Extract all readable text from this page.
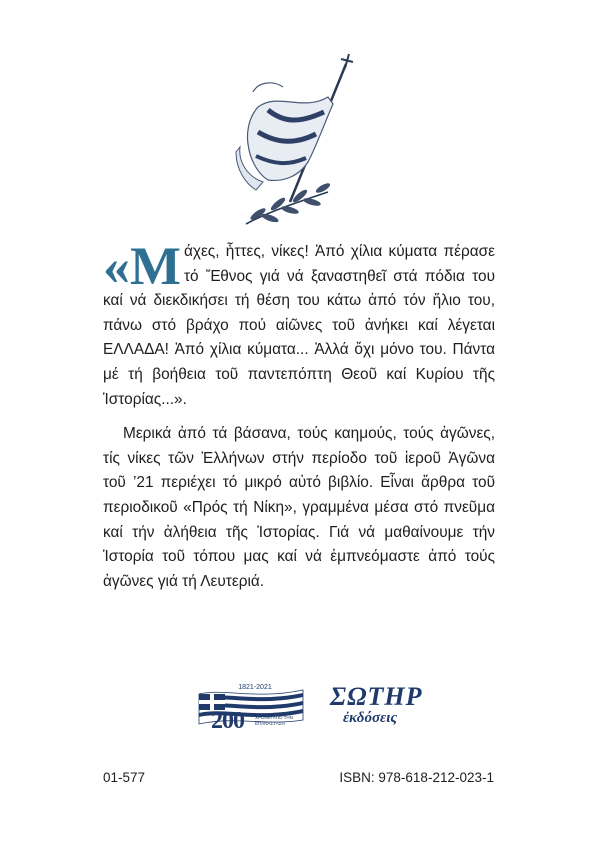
«Μάχες, ἧττες, νίκες! Ἀπό χίλια κύματα πέρασε τό Ἔθνος γιά νά ξαναστηθεῖ στά πόδια του καί νά διεκδικήσει τή θέση του κάτω ἀπό τόν ἥλιο του, πάνω στό βράχο πού αἰῶνες τοῦ ἀνήκει καί λέγεται ΕΛΛΑΔΑ! Ἀπό χίλια κύματα... Ἀλλά ὄχι μόνο του. Πάντα μέ τή βοήθεια τοῦ παντεπόπτη Θεοῦ καί Κυρίου τῆς Ἱστορίας...».

Μερικά ἀπό τά βάσανα, τούς καημούς, τούς ἀγῶνες, τίς νίκες τῶν Ἑλλήνων στήν περίοδο τοῦ ἱεροῦ Ἀγῶνα τοῦ ’21 περιέχει τό μικρό αὐτό βιβλίο. Εἶναι ἄρθρα τοῦ περιοδικοῦ «Πρός τή Νίκη», γραμμένα μέσα στό πνεῦμα καί τήν ἀλήθεια τῆς Ἱστορίας. Γιά νά μαθαίνουμε τήν Ἱστορία τοῦ τόπου μας καί νά ἐμπνεόμαστε ἀπό τούς ἀγῶνες γιά τή Λευτεριά.

1821-2021
200 ΧΡΌΝΙΑ ΑΠΌ ΤΗΝ ΕΠΑΝΆΣΤΑΣΗ
ΣΩΤΗΡ
ἐκδόσεις
01-577	ISBN: 978-618-212-023-1
